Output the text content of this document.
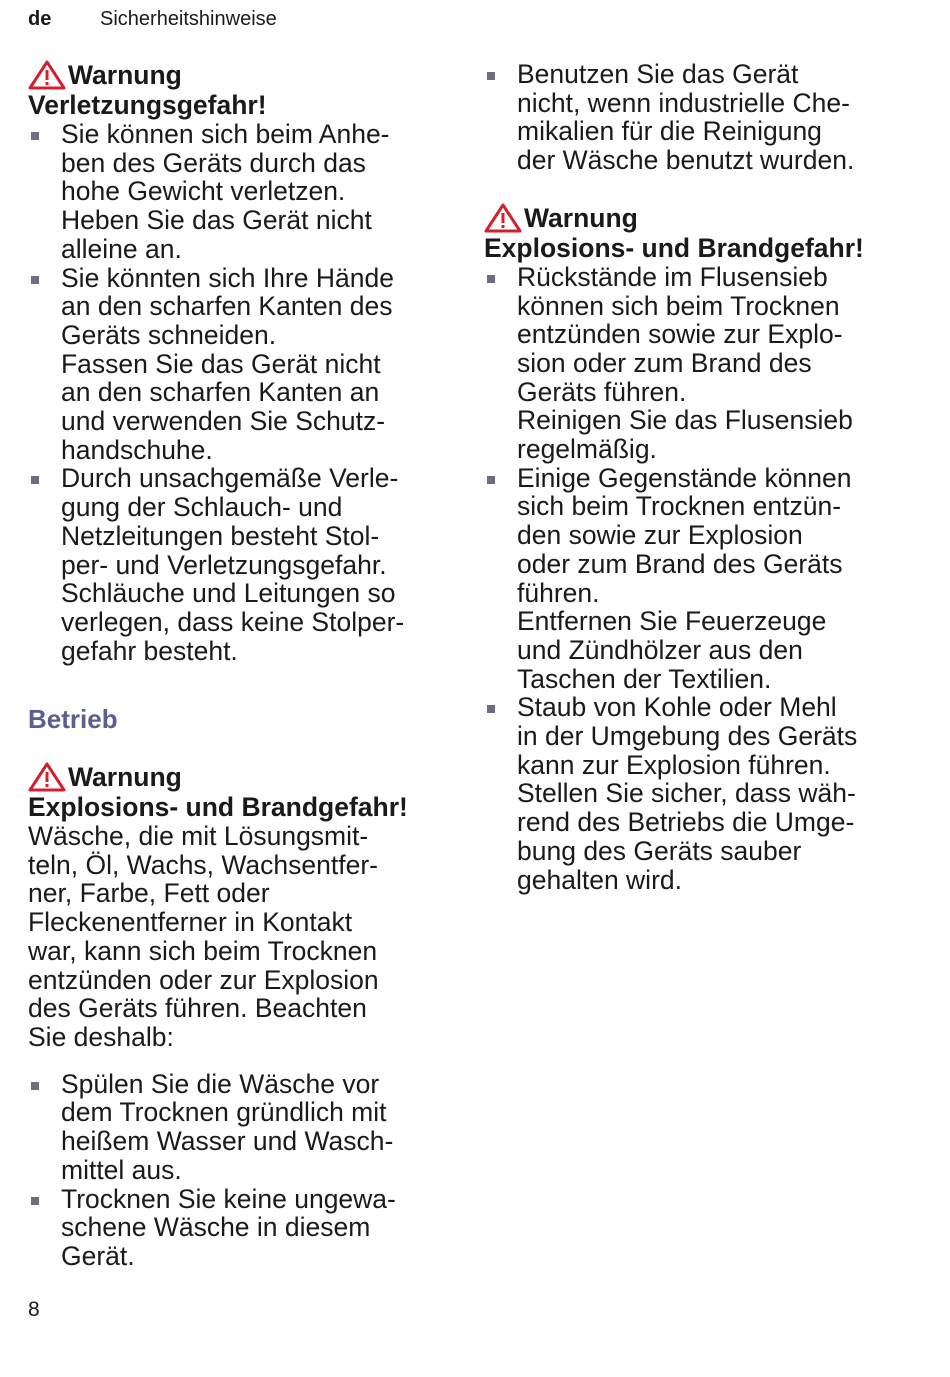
de Sicherheitshinweise
Warnung
Verletzungsgefahr!
Sie können sich beim Anhe-
ben des Geräts durch das
hohe Gewicht verletzen.
Heben Sie das Gerät nicht
alleine an.
Sie könnten sich Ihre Hände
an den scharfen Kanten des
Geräts schneiden.
Fassen Sie das Gerät nicht
an den scharfen Kanten an
und verwenden Sie Schutz-
handschuhe.
Durch unsachgemäße Verle-
gung der Schlauch- und
Netzleitungen besteht Stol-
per- und Verletzungsgefahr.
Schläuche und Leitungen so
verlegen, dass keine Stolper-
gefahr besteht.
Betrieb
Warnung
Explosions- und Brandgefahr!
Wäsche, die mit Lösungsmit-
teln, Öl, Wachs, Wachsentfer-
ner, Farbe, Fett oder
Fleckenentferner in Kontakt
war, kann sich beim Trocknen
entzünden oder zur Explosion
des Geräts führen. Beachten
Sie deshalb:
Spülen Sie die Wäsche vor
dem Trocknen gründlich mit
heißem Wasser und Wasch-
mittel aus.
Trocknen Sie keine ungewa-
schene Wäsche in diesem
Gerät.
Benutzen Sie das Gerät
nicht, wenn industrielle Che-
mikalien für die Reinigung
der Wäsche benutzt wurden.
Warnung
Explosions- und Brandgefahr!
Rückstände im Flusensieb
können sich beim Trocknen
entzünden sowie zur Explo-
sion oder zum Brand des
Geräts führen.
Reinigen Sie das Flusensieb
regelmäßig.
Einige Gegenstände können
sich beim Trocknen entzün-
den sowie zur Explosion
oder zum Brand des Geräts
führen.
Entfernen Sie Feuerzeuge
und Zündhölzer aus den
Taschen der Textilien.
Staub von Kohle oder Mehl
in der Umgebung des Geräts
kann zur Explosion führen.
Stellen Sie sicher, dass wäh-
rend des Betriebs die Umge-
bung des Geräts sauber
gehalten wird.
8
